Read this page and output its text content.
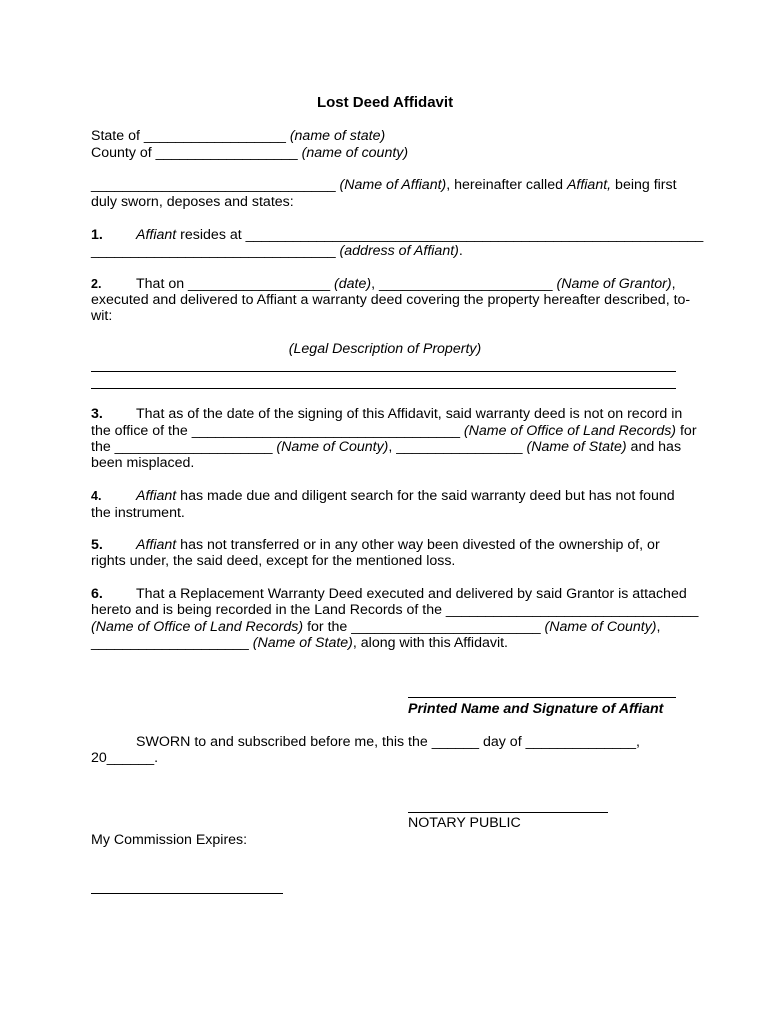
Lost Deed Affidavit
State of __________________ (name of state)
County of __________________ (name of county)
_______________________________ (Name of Affiant), hereinafter called Affiant, being first
duly sworn, deposes and states:
1. Affiant resides at __________________________________________________________
_______________________________ (address of Affiant).
2. That on __________________ (date), ______________________ (Name of Grantor),
executed and delivered to Affiant a warranty deed covering the property hereafter described, to-
wit:
(Legal Description of Property)
3. That as of the date of the signing of this Affidavit, said warranty deed is not on record in
the office of the __________________________________ (Name of Office of Land Records) for
the ____________________ (Name of County), ________________ (Name of State) and has
been misplaced.
4. Affiant has made due and diligent search for the said warranty deed but has not found
the instrument.
5. Affiant has not transferred or in any other way been divested of the ownership of, or
rights under, the said deed, except for the mentioned loss.
6. That a Replacement Warranty Deed executed and delivered by said Grantor is attached
hereto and is being recorded in the Land Records of the ________________________________
(Name of Office of Land Records) for the ________________________ (Name of County),
____________________ (Name of State), along with this Affidavit.
Printed Name and Signature of Affiant
SWORN to and subscribed before me, this the ______ day of ______________,
20______.
NOTARY PUBLIC
My Commission Expires:
